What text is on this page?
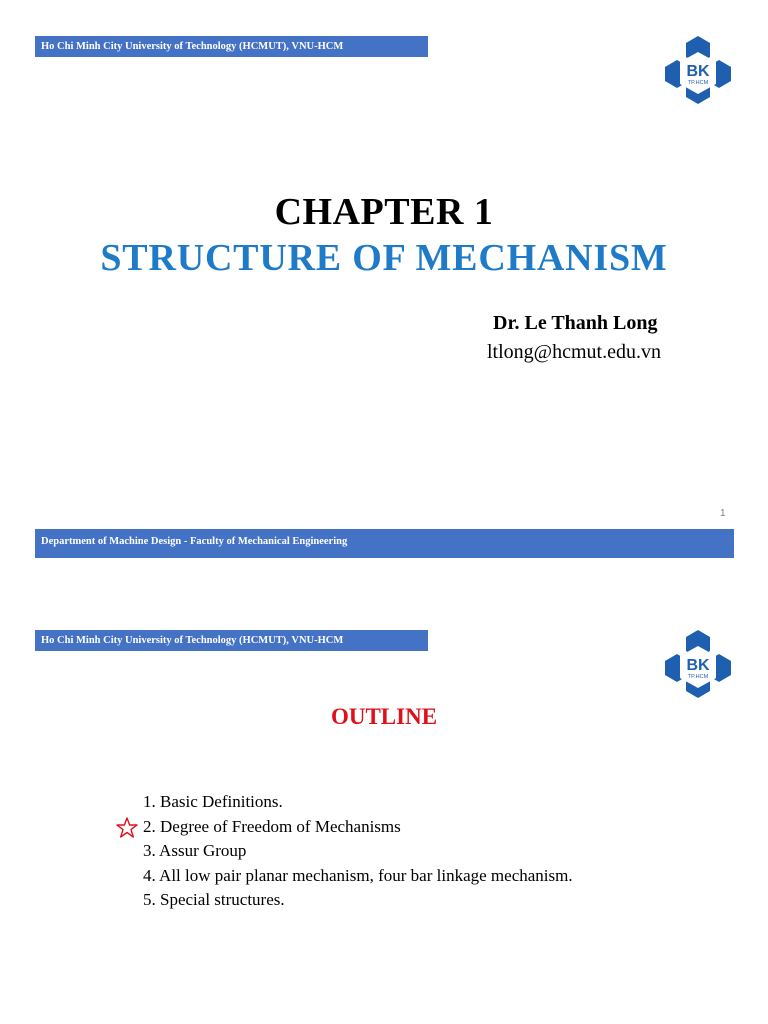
Ho Chi Minh City University of Technology (HCMUT), VNU-HCM
BK
TP.HCM
CHAPTER 1
STRUCTURE OF MECHANISM
Dr. Le Thanh Long
ltlong@hcmut.edu.vn
1
Department of Machine Design - Faculty of Mechanical Engineering
Ho Chi Minh City University of Technology (HCMUT), VNU-HCM
BK
TP.HCM
OUTLINE
1. Basic Definitions.
2. Degree of Freedom of Mechanisms
3. Assur Group
4. All low pair planar mechanism, four bar linkage mechanism.
5. Special structures.
